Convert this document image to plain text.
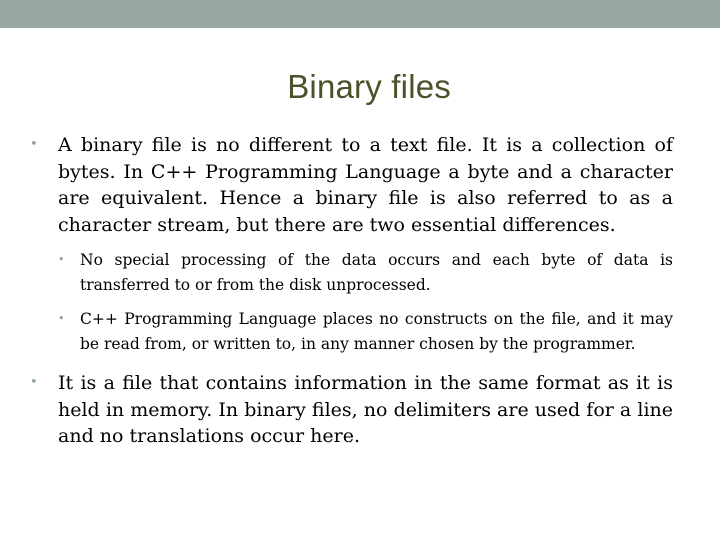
Binary files
•
A binary file is no different to a text file. It is a collection of bytes. In C++ Programming Language a byte and a character are equivalent. Hence a binary file is also referred to as a character stream, but there are two essential differences.
•
No special processing of the data occurs and each byte of data is transferred to or from the disk unprocessed.
•
C++ Programming Language places no constructs on the file, and it may be read from, or written to, in any manner chosen by the programmer.
•
It is a file that contains information in the same format as it is held in memory. In binary files, no delimiters are used for a line and no translations occur here.
